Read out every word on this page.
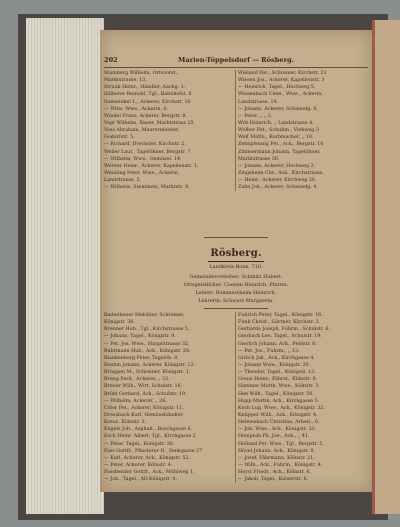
202	Marien-Töppelsdorf — Rösberg.
Stumberg Wilhelm, Ortsvorst.,
Marktstrasse, 13.
Strunk Heinr., Händler, Aachg. 1.
Sülberer Reinold, Tgl., Bahnhofst. 8
Sumwinkel L., Ackerer, Kirchstr. 10
— Witw. Wwe., Ackerin, 6.
Windel Franz, Ackerer, Bergstr. 8.
Vogt Wilhelm, Bauer, Marktstrass 25
Voss Abraham, Maurermeister,
Godorfstr. 5.
— Richard, Drechsler, Kirchstr. 2.
Weiler Laur., Tagelöhner, Bergstr. 7
— Wilhelm, Wwe., Gemüsel. 14.
Werner Heinr., Ackerer, Kapellenstr. 1.
Wessling Peter, Wwe., Ackerin,
Landstrasse, 5.
— Wilhelm, Steinmetz, Marktstr. 9.
Wieland Pet., Schreiner, Kirchstr. 21
Wiesen Jos., Ackerer, Kapellenstr. 3
— Heinrich, Tagel., Hochweg 5.
Wiesenbach Clem., Wwe., Ackerin,
Landstrasse, 14.
— Johann, Ackerer, Schmiedg. 6.
— Peter, „ „ 2.
Witt Heinrich, „ Landstrasse 4.
Wolber Pet., Schuhm., Viehweg 3
Wolf Mathi., Korbmacher, „ 10.
Zehnpfennig Pet., Ack., Bergstr. 16
Zimmermann Johann, Tagelöhner,
Marktstrasse 30.
— Johann, Ackerer, Hochweg 2.
Zingsheim Chr., Ack., Kirchstrasse.
— Heinr., Ackerer, Kirchweg 20.
Zahn Joh., Ackerer, Schmiedg. 4.
Rösberg.
Landkreis Bonn. 710.
Gemeindevorsteher: Schmitz Hubert.
Ortsgeistlicher: Coenen Heinrich, Pfarrer.
Lehrer: Bommersheim Heinrich.
Lehrerin: Schwarz Margareta.
Badenheuer Melchior, Schreiner,
Königstr. 38.
Brenner Hub., Tgl., Kirchstrasse 5.
— Johann, Tagel., Königstr. 9.
— Pet. Jos. Wwe., Hauptstrasse 32.
Buhrmann Hub., Ack., Königstr. 28.
Blankenberg Peter, Tagelöh. 8.
Boehm Johann, Ackerer, Königstr. 12.
Brüggen M., Schreiner, Königstr. 1.
Breng Ferd., Ackerer, „ 33.
Breuer Wilh., Wirt, Schulstr. 16.
Brühl Gerhard, Ack., Schulstr. 10.
— Wilhelm, Ackerer, „ 26.
Cöler Pet., Ackerer, Königstr. 11.
Dressbach Karl, Gemüsehändler,
Kreuz. Kölnstr. 3.
Engels Joh., Asphalt., Buschgasse 6.
Esch Heinr. Albert, Tgl., Kirchgasse 2
— Peter, Tagel., Königstr. 38.
Fass Gottfr., Pflasterer D., Senkgasse 27
— Karl, Ackerer, Ack., Königstr. 52.
— Peter, Ackerer, Kölnstr. 4.
Fassbender Gottfr., Ack., Mühlweg 1.
— Joh., Tagel., Alt-Königstr. 4.
Fuhrich Peter, Tagel., Königstr. 16.
Funk Christ., Gärtner, Kirchstr. 3.
Gerhards Joseph, Fuhrm., Schulstr. 6.
Gierbach Leo, Tagel., Schulstr. 19.
Gierlich Johann, Ack., Feldstr. 6.
— Pet. Jos., Fuhrm., „ 13.
Girlich Jak., Ack., Kirchgasse 4.
— Johann Wwe., Königstr. 20.
— Theodor, Tagel., Königstr. 13.
Grenz Heinr., Fährst., Kölnstr. 8.
Hammer Matth. Wwe., Kölnstr. 3.
Hen Wilh., Tagel., Königstr. 50.
Hupp Martin, Ack., Kirchgasse 5.
Koch Lug. Wwe., Ack., Königstr. 32.
Knüpper Wilh., Ack., Königstr. 4.
Helmesbach Christine, Arbeit., 6.
— Joh. Wwe., Ack., Königstr. 31.
Hempesh Ph. Joe., Ack., „ 41.
Holland Pet. Wwe., Tgl., Bergstr. 5.
Hövel Johann, Ack., Königstr. 9.
— Josef, Fährmann, Kölnstr. 21.
— Wilh., Ack., Fuhrm., Königstr. 4.
Horst Friedr., Ack., Kölnstr. 6.
— Jakob, Tagel., Kaiserstr. 6.
